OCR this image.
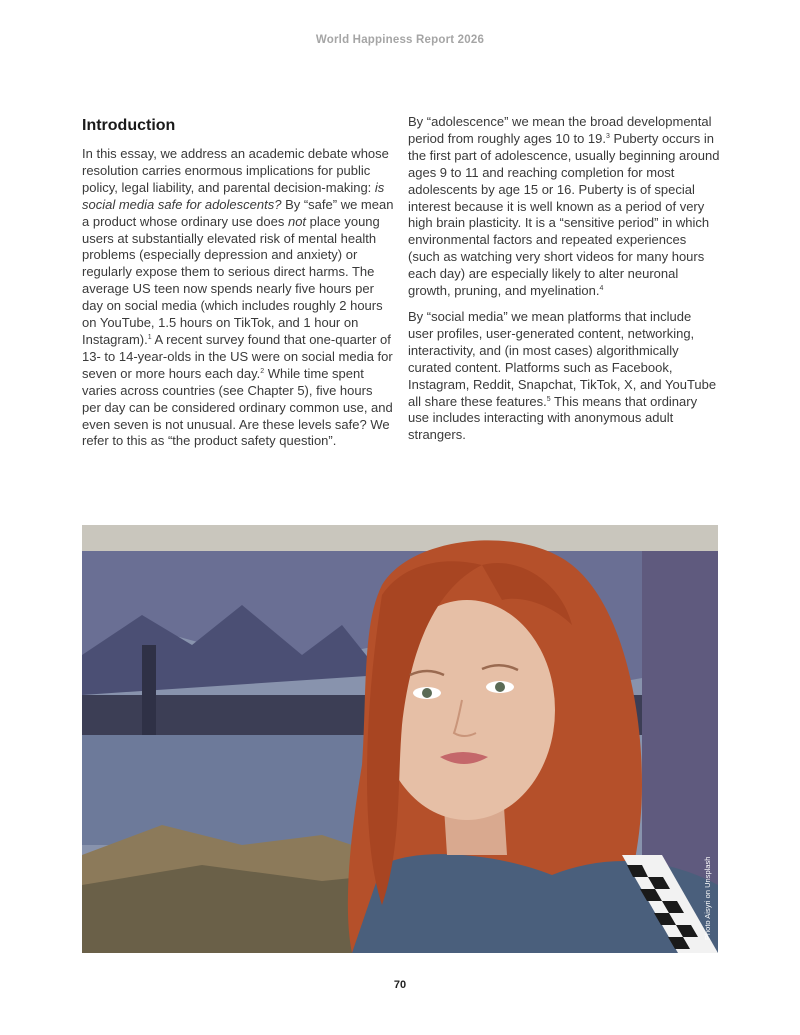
World Happiness Report 2026
Introduction

In this essay, we address an academic debate whose resolution carries enormous implications for public policy, legal liability, and parental decision-making: is social media safe for adolescents? By “safe” we mean a product whose ordinary use does not place young users at substantially elevated risk of mental health problems (especially depression and anxiety) or regularly expose them to serious direct harms. The average US teen now spends nearly five hours per day on social media (which includes roughly 2 hours on YouTube, 1.5 hours on TikTok, and 1 hour on Instagram).$^1$ A recent survey found that one-quarter of 13- to 14-year-olds in the US were on social media for seven or more hours each day.$^2$ While time spent varies across countries (see Chapter 5), five hours per day can be considered ordinary common use, and even seven is not unusual. Are these levels safe? We refer to this as “the product safety question”.

By “adolescence” we mean the broad developmental period from roughly ages 10 to 19.$^3$ Puberty occurs in the first part of adolescence, usually beginning around ages 9 to 11 and reaching completion for most adolescents by age 15 or 16. Puberty is of special interest because it is well known as a period of very high brain plasticity. It is a “sensitive period” in which environmental factors and repeated experiences (such as watching very short videos for many hours each day) are especially likely to alter neuronal growth, pruning, and myelination.$^4$

By “social media” we mean platforms that include user profiles, user-generated content, networking, interactivity, and (in most cases) algorithmically curated content. Platforms such as Facebook, Instagram, Reddit, Snapchat, TikTok, X, and YouTube all share these features.$^5$ This means that ordinary use includes interacting with anonymous adult strangers.

Photo Aisyri on Unsplash
70
